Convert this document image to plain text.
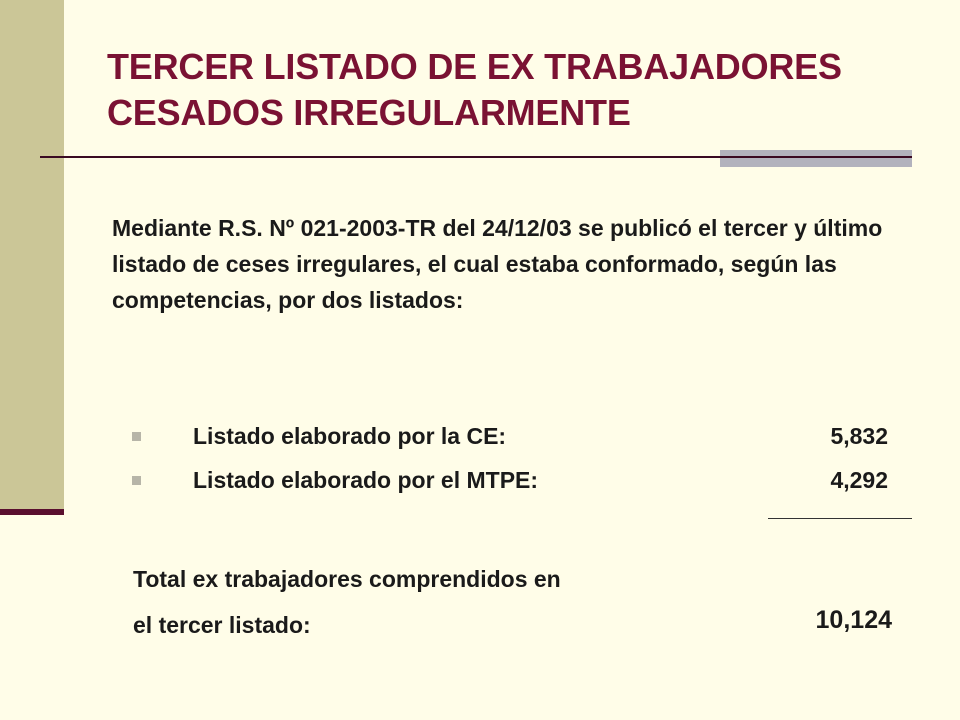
TERCER LISTADO DE EX TRABAJADORES
CESADOS IRREGULARMENTE

Mediante R.S. Nº 021-2003-TR del 24/12/03 se publicó el tercer y último listado de ceses irregulares, el cual estaba conformado, según las competencias, por dos listados:

Listado elaborado por la CE:	5,832
Listado elaborado por el MTPE:	4,292

Total ex trabajadores comprendidos en
el tercer listado:	10,124
